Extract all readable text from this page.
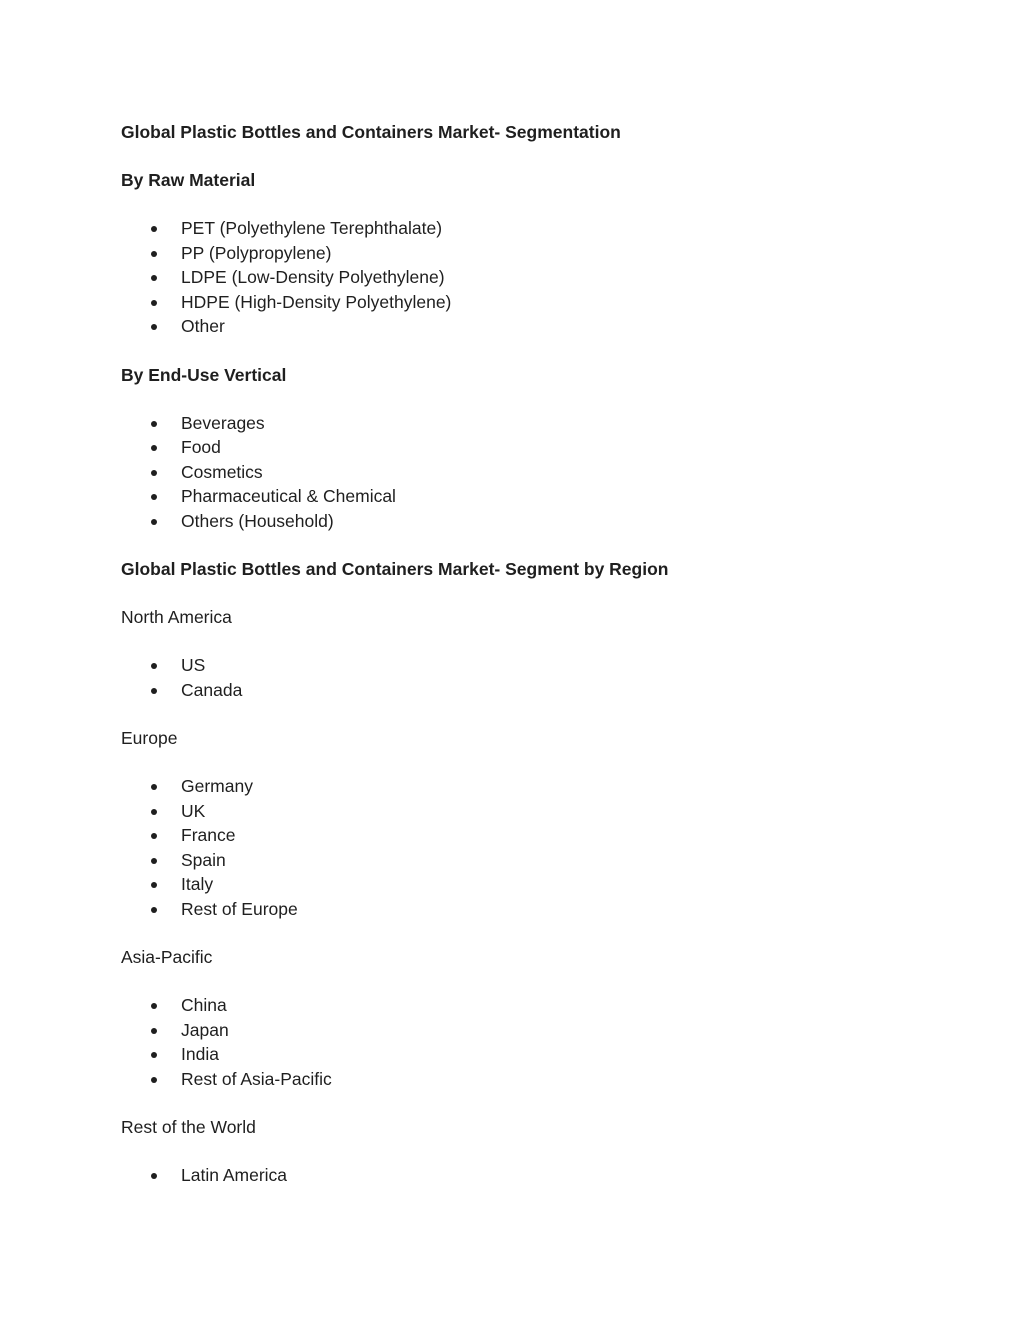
Global Plastic Bottles and Containers Market- Segmentation

By Raw Material

PET (Polyethylene Terephthalate)
PP (Polypropylene)
LDPE (Low-Density Polyethylene)
HDPE (High-Density Polyethylene)
Other

By End-Use Vertical

Beverages
Food
Cosmetics
Pharmaceutical & Chemical
Others (Household)

Global Plastic Bottles and Containers Market- Segment by Region

North America

US
Canada

Europe

Germany
UK
France
Spain
Italy
Rest of Europe

Asia-Pacific

China
Japan
India
Rest of Asia-Pacific

Rest of the World

Latin America
